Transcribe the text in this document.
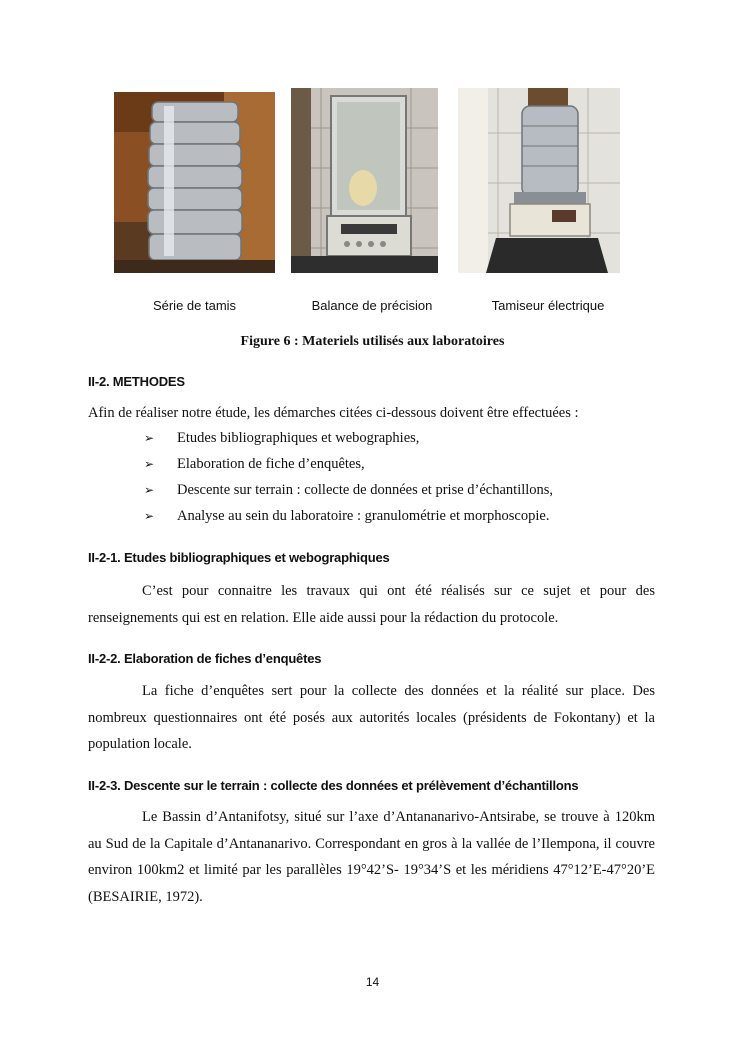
Série de tamis	Balance de précision	Tamiseur électrique
Figure 6 : Materiels utilisés aux laboratoires
II-2. METHODES
Afin de réaliser notre étude, les démarches citées ci-dessous doivent être effectuées :
➢ Etudes bibliographiques et webographies,
➢ Elaboration de fiche d’enquêtes,
➢ Descente sur terrain : collecte de données et prise d’échantillons,
➢ Analyse au sein du laboratoire : granulométrie et morphoscopie.
II-2-1. Etudes bibliographiques et webographiques
C’est pour connaitre les travaux qui ont été réalisés sur ce sujet et pour des renseignements qui est en relation. Elle aide aussi pour la rédaction du protocole.
II-2-2. Elaboration de fiches d’enquêtes
La fiche d’enquêtes sert pour la collecte des données et la réalité sur place. Des nombreux questionnaires ont été posés aux autorités locales (présidents de Fokontany) et la population locale.
II-2-3. Descente sur le terrain : collecte des données et prélèvement d’échantillons
Le Bassin d’Antanifotsy, situé sur l’axe d’Antananarivo-Antsirabe, se trouve à 120km au Sud de la Capitale d’Antananarivo. Correspondant en gros à la vallée de l’Ilempona, il couvre environ 100km2 et limité par les parallèles 19°42’S- 19°34’S et les méridiens 47°12’E-47°20’E (BESAIRIE, 1972).
14
